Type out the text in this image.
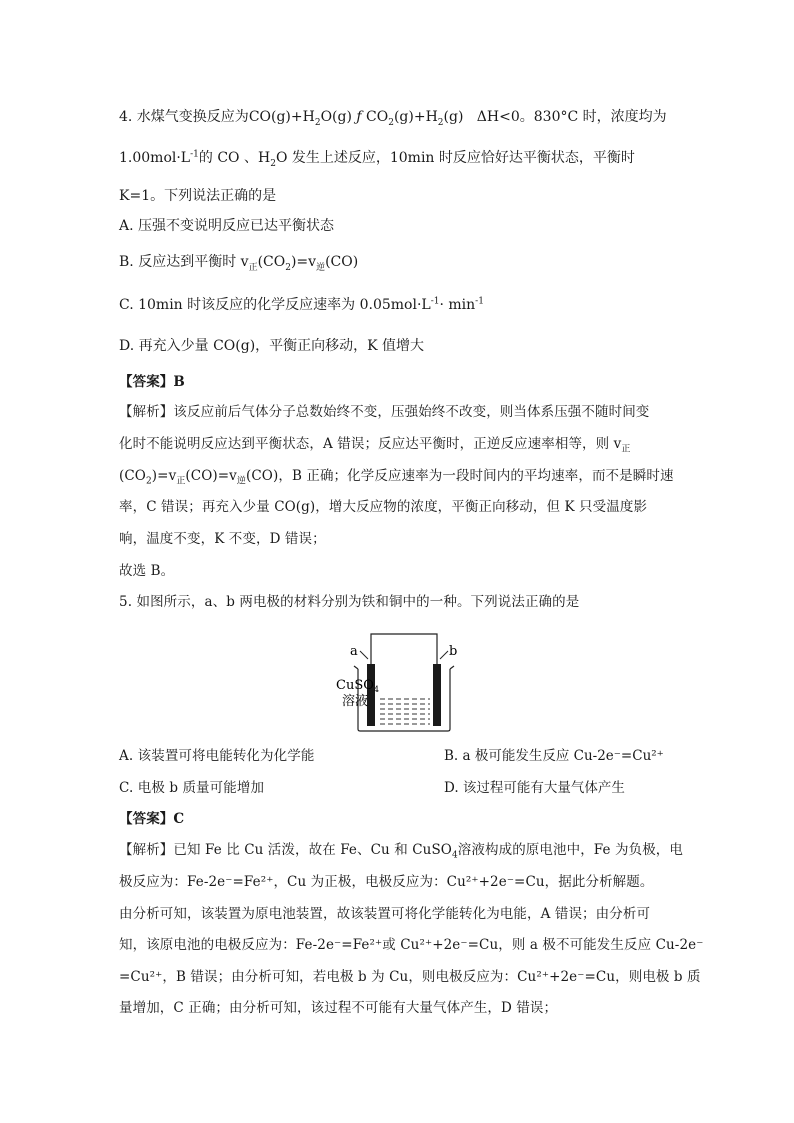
4. 水煤气变换反应为$CO(g)+H_2O(g)$ ƒ $CO_2(g)+H_2(g)$ ΔH<0。830°C 时，浓度均为
$1.00mol\cdot L^{-1}$的 CO 、$H_2O$ 发生上述反应，10min 时反应恰好达平衡状态，平衡时
K=1。下列说法正确的是
A. 压强不变说明反应已达平衡状态
B. 反应达到平衡时 $v_正(CO_2)=v_逆(CO)$
C. 10min 时该反应的化学反应速率为 $0.05mol\cdot L^{-1}\cdot \min^{-1}$
D. 再充入少量 CO(g)，平衡正向移动，K 值增大
【答案】B
【解析】该反应前后气体分子总数始终不变，压强始终不改变，则当体系压强不随时间变
化时不能说明反应达到平衡状态，A 错误；反应达平衡时，正逆反应速率相等，则 $v_正$
$(CO_2)=v_正(CO)=v_逆(CO)$，B 正确；化学反应速率为一段时间内的平均速率，而不是瞬时速
率，C 错误；再充入少量 CO(g)，增大反应物的浓度，平衡正向移动，但 K 只受温度影
响，温度不变，K 不变，D 错误；
故选 B。
5. 如图所示，a、b 两电极的材料分别为铁和铜中的一种。下列说法正确的是
a	b
CuSO$_4$
溶液
A. 该装置可将电能转化为化学能	B. a 极可能发生反应 Cu-2e⁻=Cu²⁺
C. 电极 b 质量可能增加	D. 该过程可能有大量气体产生
【答案】C
【解析】已知 Fe 比 Cu 活泼，故在 Fe、Cu 和 CuSO$_4$溶液构成的原电池中，Fe 为负极，电
极反应为：Fe-2e⁻=Fe²⁺，Cu 为正极，电极反应为：Cu²⁺+2e⁻=Cu，据此分析解题。
由分析可知，该装置为原电池装置，故该装置可将化学能转化为电能，A 错误；由分析可
知，该原电池的电极反应为：Fe-2e⁻=Fe²⁺或 Cu²⁺+2e⁻=Cu，则 a 极不可能发生反应 Cu-2e⁻
=Cu²⁺，B 错误；由分析可知，若电极 b 为 Cu，则电极反应为：Cu²⁺+2e⁻=Cu，则电极 b 质
量增加，C 正确；由分析可知，该过程不可能有大量气体产生，D 错误；
